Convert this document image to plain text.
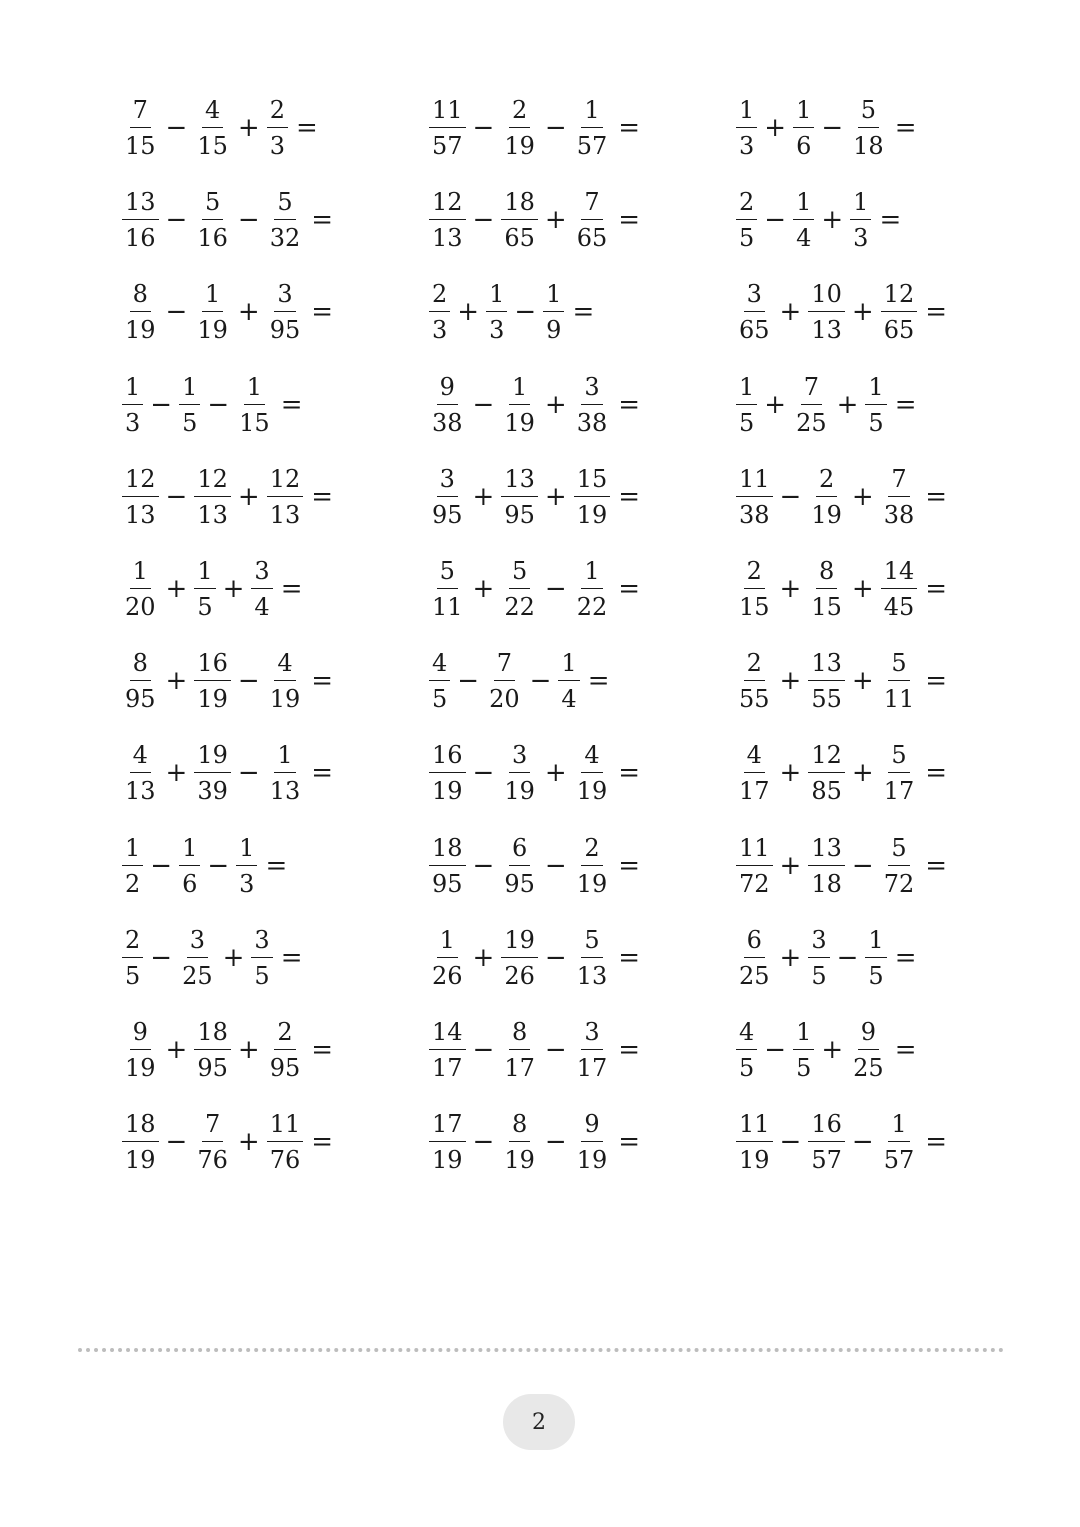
$\frac{7}{15} - \frac{4}{15} + \frac{2}{3}$ =
$\frac{13}{16} - \frac{5}{16} - \frac{5}{32}$ =
$\frac{8}{19} - \frac{1}{19} + \frac{3}{95}$ =
$\frac{1}{3} - \frac{1}{5} - \frac{1}{15}$ =
$\frac{12}{13} - \frac{12}{13} + \frac{12}{13}$ =
$\frac{1}{20} + \frac{1}{5} + \frac{3}{4}$ =
$\frac{8}{95} + \frac{16}{19} - \frac{4}{19}$ =
$\frac{4}{13} + \frac{19}{39} - \frac{1}{13}$ =
$\frac{1}{2} - \frac{1}{6} - \frac{1}{3}$ =
$\frac{2}{5} - \frac{3}{25} + \frac{3}{5}$ =
$\frac{9}{19} + \frac{18}{95} + \frac{2}{95}$ =
$\frac{18}{19} - \frac{7}{76} + \frac{11}{76}$ =
$\frac{11}{57} - \frac{2}{19} - \frac{1}{57}$ =
$\frac{12}{13} - \frac{18}{65} + \frac{7}{65}$ =
$\frac{2}{3} + \frac{1}{3} - \frac{1}{9}$ =
$\frac{9}{38} - \frac{1}{19} + \frac{3}{38}$ =
$\frac{3}{95} + \frac{13}{95} + \frac{15}{19}$ =
$\frac{5}{11} + \frac{5}{22} - \frac{1}{22}$ =
$\frac{4}{5} - \frac{7}{20} - \frac{1}{4}$ =
$\frac{16}{19} - \frac{3}{19} + \frac{4}{19}$ =
$\frac{18}{95} - \frac{6}{95} - \frac{2}{19}$ =
$\frac{1}{26} + \frac{19}{26} - \frac{5}{13}$ =
$\frac{14}{17} - \frac{8}{17} - \frac{3}{17}$ =
$\frac{17}{19} - \frac{8}{19} - \frac{9}{19}$ =
$\frac{1}{3} + \frac{1}{6} - \frac{5}{18}$ =
$\frac{2}{5} - \frac{1}{4} + \frac{1}{3}$ =
$\frac{3}{65} + \frac{10}{13} + \frac{12}{65}$ =
$\frac{1}{5} + \frac{7}{25} + \frac{1}{5}$ =
$\frac{11}{38} - \frac{2}{19} + \frac{7}{38}$ =
$\frac{2}{15} + \frac{8}{15} + \frac{14}{45}$ =
$\frac{2}{55} + \frac{13}{55} + \frac{5}{11}$ =
$\frac{4}{17} + \frac{12}{85} + \frac{5}{17}$ =
$\frac{11}{72} + \frac{13}{18} - \frac{5}{72}$ =
$\frac{6}{25} + \frac{3}{5} - \frac{1}{5}$ =
$\frac{4}{5} - \frac{1}{5} + \frac{9}{25}$ =
$\frac{11}{19} - \frac{16}{57} - \frac{1}{57}$ =
2
